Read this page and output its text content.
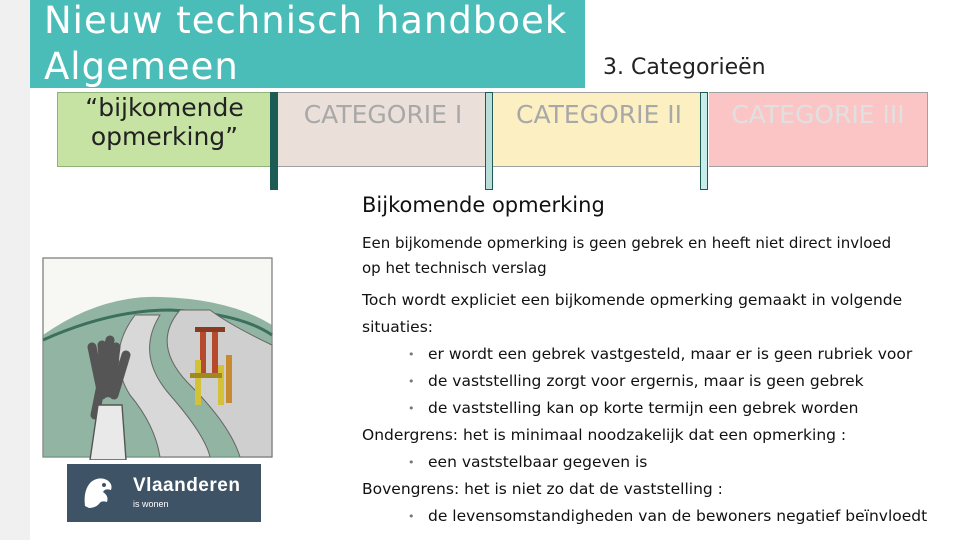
Nieuw technisch handboek
Algemeen	3. Categorieën
“bijkomende
opmerking”
CATEGORIE I	CATEGORIE II	CATEGORIE III
Bijkomende opmerking
Een bijkomende opmerking is geen gebrek en heeft niet direct invloed
op het technisch verslag
Toch wordt expliciet een bijkomende opmerking gemaakt in volgende
situaties:
• er wordt een gebrek vastgesteld, maar er is geen rubriek voor
• de vaststelling zorgt voor ergernis, maar is geen gebrek
• de vaststelling kan op korte termijn een gebrek worden
Ondergrens: het is minimaal noodzakelijk dat een opmerking :
• een vaststelbaar gegeven is
Bovengrens: het is niet zo dat de vaststelling :
• de levensomstandigheden van de bewoners negatief beïnvloedt
Vlaanderen
is wonen
